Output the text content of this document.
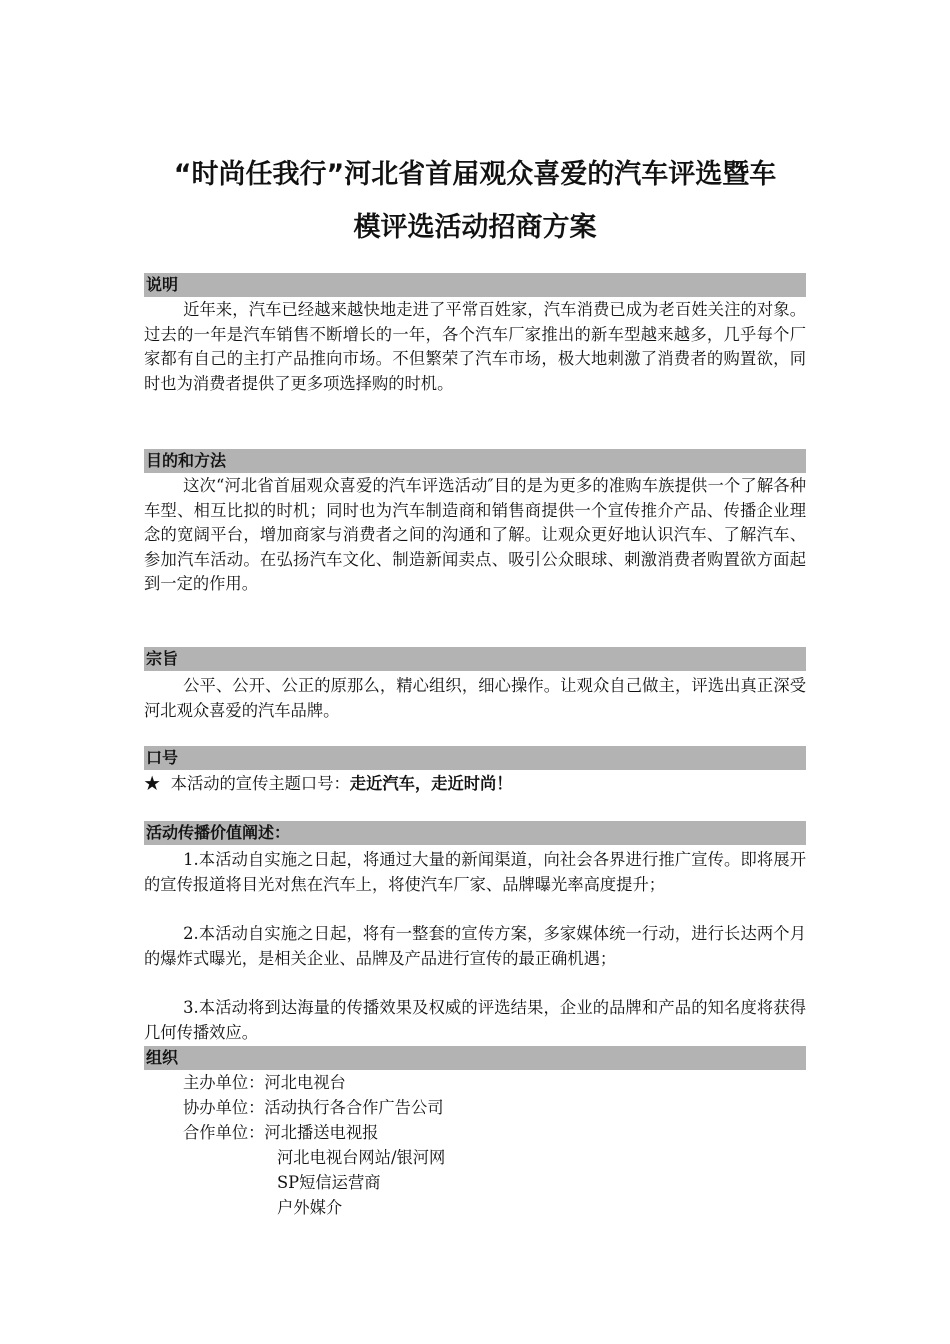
“时尚任我行”河北省首届观众喜爱的汽车评选暨车
模评选活动招商方案
说明

近年来，汽车已经越来越快地走进了平常百姓家，汽车消费已成为老百姓关注的对象。过去的一年是汽车销售不断增长的一年，各个汽车厂家推出的新车型越来越多，几乎每个厂家都有自己的主打产品推向市场。不但繁荣了汽车市场，极大地刺激了消费者的购置欲，同时也为消费者提供了更多项选择购的时机。

目的和方法

这次“河北省首届观众喜爱的汽车评选活动″目的是为更多的准购车族提供一个了解各种车型、相互比拟的时机；同时也为汽车制造商和销售商提供一个宣传推介产品、传播企业理念的宽阔平台，增加商家与消费者之间的沟通和了解。让观众更好地认识汽车、了解汽车、参加汽车活动。在弘扬汽车文化、制造新闻卖点、吸引公众眼球、刺激消费者购置欲方面起到一定的作用。

宗旨

公平、公开、公正的原那么，精心组织，细心操作。让观众自己做主，评选出真正深受河北观众喜爱的汽车品牌。

口号
★ 本活动的宣传主题口号：走近汽车，走近时尚！
活动传播价值阐述：

1.本活动自实施之日起，将通过大量的新闻渠道，向社会各界进行推广宣传。即将展开的宣传报道将目光对焦在汽车上，将使汽车厂家、品牌曝光率高度提升；

2.本活动自实施之日起，将有一整套的宣传方案，多家媒体统一行动，进行长达两个月的爆炸式曝光，是相关企业、品牌及产品进行宣传的最正确机遇；

3.本活动将到达海量的传播效果及权威的评选结果，企业的品牌和产品的知名度将获得几何传播效应。

组织
主办单位：河北电视台
协办单位：活动执行各合作广告公司
合作单位：河北播送电视报
河北电视台网站/银河网
SP短信运营商
户外媒介
